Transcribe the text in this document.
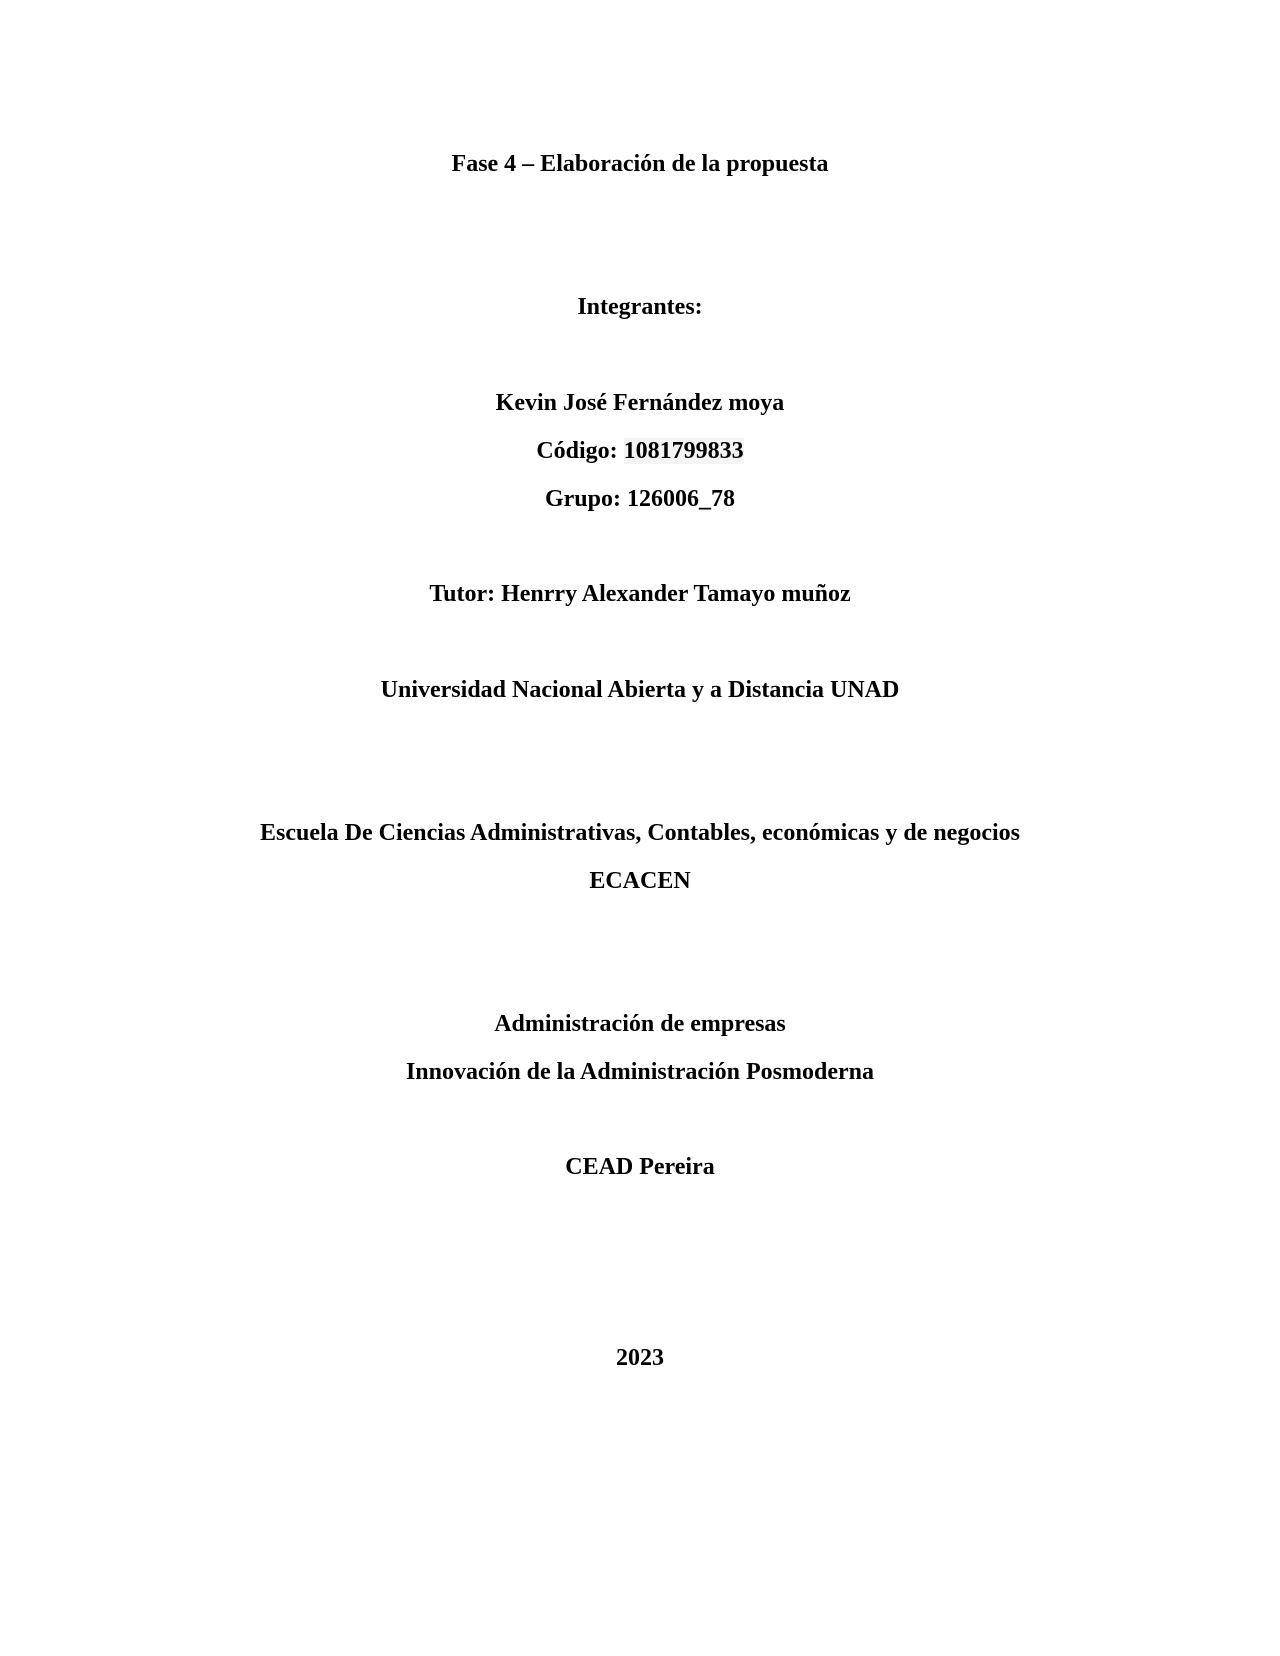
Fase 4 – Elaboración de la propuesta
Integrantes:
Kevin José Fernández moya
Código: 1081799833
Grupo: 126006_78
Tutor: Henrry Alexander Tamayo muñoz
Universidad Nacional Abierta y a Distancia UNAD
Escuela De Ciencias Administrativas, Contables, económicas y de negocios
ECACEN
Administración de empresas
Innovación de la Administración Posmoderna
CEAD Pereira
2023
